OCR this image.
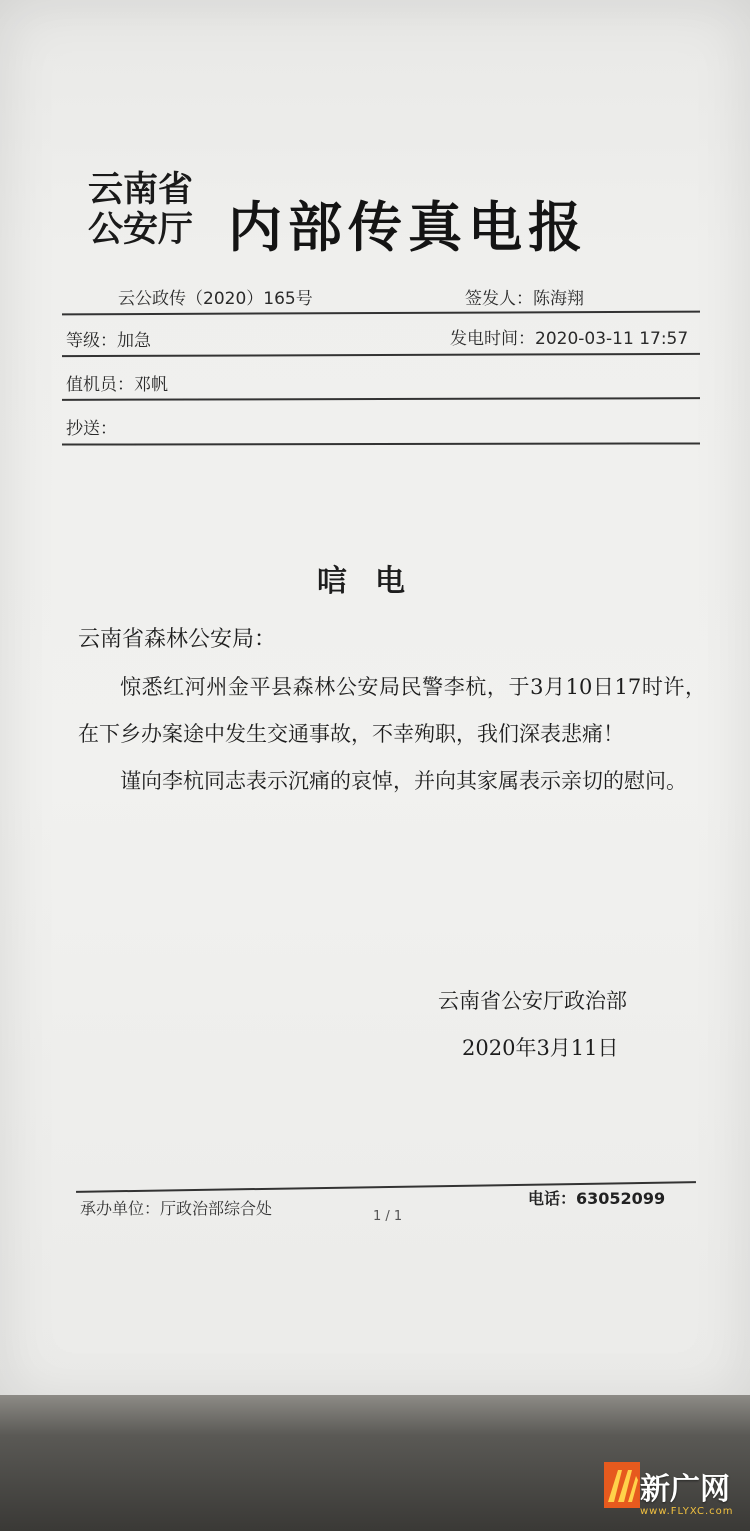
云南省
公安厅 内部传真电报
云公政传（2020）165号	签发人：陈海翔
等级：加急	发电时间：2020-03-11 17:57
值机员：邓帆
抄送：
唁电
云南省森林公安局：

惊悉红河州金平县森林公安局民警李杭，于3月10日17时许，在下乡办案途中发生交通事故，不幸殉职，我们深表悲痛！

谨向李杭同志表示沉痛的哀悼，并向其家属表示亲切的慰问。

云南省公安厅政治部
2020年3月11日
承办单位：厅政治部综合处
电话：63052099
1 / 1
新广网
www.FLYXC.com
